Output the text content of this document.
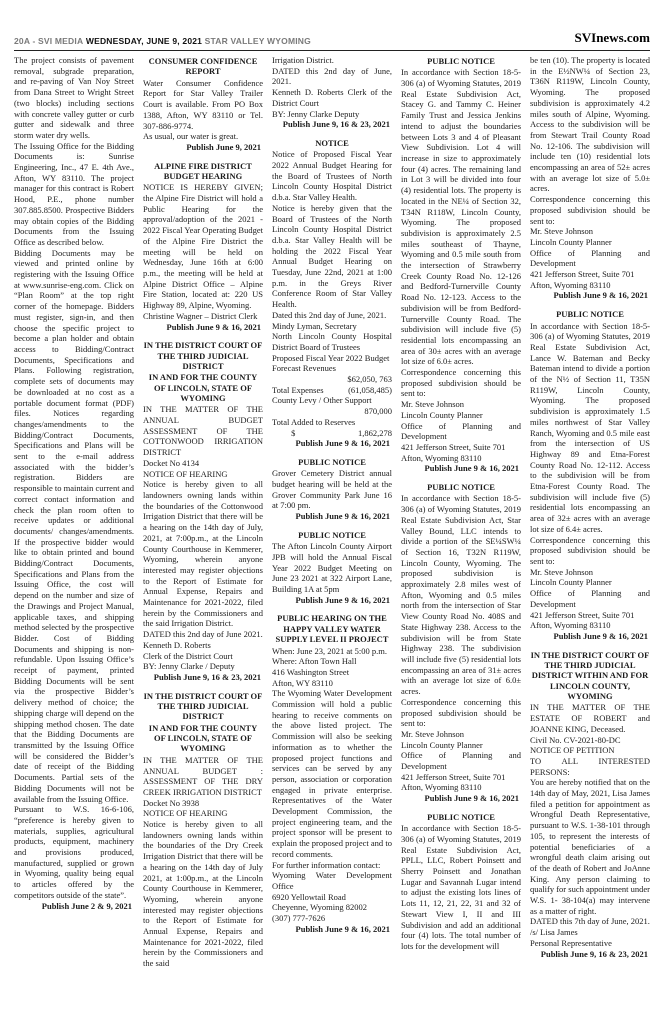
20A - SVI MEDIA WEDNESDAY, JUNE 9, 2021 STAR VALLEY WYOMING	SVInews.com
The project consists of pavement removal, subgrade preparation, and re-paving of Van Noy Street from Dana Street to Wright Street (two blocks) including sections with concrete valley gutter or curb gutter and sidewalk and three storm water dry wells.
The Issuing Office for the Bidding Documents is: Sunrise Engineering, Inc., 47 E. 4th Ave., Afton, WY 83110. The project manager for this contract is Robert Hood, P.E., phone number 307.885.8500. Prospective Bidders may obtain copies of the Bidding Documents from the Issuing Office as described below.
Bidding Documents may be viewed and printed online by registering with the Issuing Office at www.sunrise-eng.com. Click on “Plan Room” at the top right corner of the homepage. Bidders must register, sign-in, and then choose the specific project to become a plan holder and obtain access to Bidding/Contract Documents, Specifications and Plans. Following registration, complete sets of documents may be downloaded at no cost as a portable document format (PDF) files. Notices regarding changes/amendments to the Bidding/Contract Documents, Specifications and Plans will be sent to the e-mail address associated with the bidder’s registration. Bidders are responsible to maintain current and correct contact information and check the plan room often to receive updates or additional documents/ changes/amendments. If the prospective bidder would like to obtain printed and bound Bidding/Contract Documents, Specifications and Plans from the Issuing Office, the cost will depend on the number and size of the Drawings and Project Manual, applicable taxes, and shipping method selected by the prospective Bidder. Cost of Bidding Documents and shipping is non-refundable. Upon Issuing Office’s receipt of payment, printed Bidding Documents will be sent via the prospective Bidder’s delivery method of choice; the shipping charge will depend on the shipping method chosen. The date that the Bidding Documents are transmitted by the Issuing Office will be considered the Bidder’s date of receipt of the Bidding Documents. Partial sets of the Bidding Documents will not be available from the Issuing Office.
Pursuant to W.S. 16-6-106, “preference is hereby given to materials, supplies, agricultural products, equipment, machinery and provisions produced, manufactured, supplied or grown in Wyoming, quality being equal to articles offered by the competitors outside of the state”.
Publish June 2 & 9, 2021
CONSUMER CONFIDENCE REPORT
Water Consumer Confidence Report for Star Valley Trailer Court is available. From PO Box 1388, Afton, WY 83110 or Tel. 307-886-9774.
As usual, our water is great.
Publish June 9, 2021
ALPINE FIRE DISTRICT BUDGET HEARING
NOTICE IS HEREBY GIVEN; the Alpine Fire District will hold a Public Hearing for the approval/adoption of the 2021 - 2022 Fiscal Year Operating Budget of the Alpine Fire District the meeting will be held on Wednesday, June 16th at 6:00 p.m., the meeting will be held at Alpine District Office – Alpine Fire Station, located at: 220 US Highway 89, Alpine, Wyoming.
Christine Wagner – District Clerk
Publish June 9 & 16, 2021
IN THE DISTRICT COURT OF THE THIRD JUDICIAL DISTRICT
IN AND FOR THE COUNTY OF LINCOLN, STATE OF WYOMING
IN THE MATTER OF THE ANNUAL BUDGET ASSESSMENT OF THE COTTONWOOD IRRIGATION DISTRICT
Docket No 4134
NOTICE OF HEARING
Notice is hereby given to all landowners owning lands within the boundaries of the Cottonwood Irrigation District that there will be a hearing on the 14th day of July, 2021, at 7:00p.m., at the Lincoln County Courthouse in Kemmerer, Wyoming, wherein anyone interested may register objections to the Report of Estimate for Annual Expense, Repairs and Maintenance for 2021-2022, filed herein by the Commissioners and the said Irrigation District.
DATED this 2nd day of June 2021.
Kenneth D. Roberts
Clerk of the District Court
BY: Jenny Clarke / Deputy
Publish June 9, 16 & 23, 2021
IN THE DISTRICT COURT OF THE THIRD JUDICIAL DISTRICT
IN AND FOR THE COUNTY OF LINCOLN, STATE OF WYOMING
IN THE MATTER OF THE ANNUAL BUDGET : ASSESSMENT OF THE DRY CREEK IRRIGATION DISTRICT
Docket No 3938
NOTICE OF HEARING
Notice is hereby given to all landowners owning lands within the boundaries of the Dry Creek Irrigation District that there will be a hearing on the 14th day of July 2021, at 1:00p.m., at the Lincoln County Courthouse in Kemmerer, Wyoming, wherein anyone interested may register objections to the Report of Estimate for Annual Expense, Repairs and Maintenance for 2021-2022, filed herein by the Commissioners and the said
Irrigation District.
DATED this 2nd day of June, 2021.
Kenneth D. Roberts Clerk of the District Court
BY: Jenny Clarke Deputy
Publish June 9, 16 & 23, 2021
NOTICE
Notice of Proposed Fiscal Year 2022 Annual Budget Hearing for the Board of Trustees of North Lincoln County Hospital District d.b.a. Star Valley Health.
Notice is hereby given that the Board of Trustees of the North Lincoln County Hospital District d.b.a. Star Valley Health will be holding the 2022 Fiscal Year Annual Budget Hearing on Tuesday, June 22nd, 2021 at 1:00 p.m. in the Greys River Conference Room of Star Valley Health.
Dated this 2nd day of June, 2021.
Mindy Lyman, Secretary
North Lincoln County Hospital District Board of Trustees
Proposed Fiscal Year 2022 Budget
Forecast Revenues
$62,050, 763
Total Expenses	(61,058,485)
County Levy / Other Support
870,000
Total Added to Reserves
$	1,862,278
Publish June 9 & 16, 2021
PUBLIC NOTICE
Grover Cemetery District annual budget hearing will be held at the Grover Community Park June 16 at 7:00 pm.
Publish June 9 & 16, 2021
PUBLIC NOTICE
The Afton Lincoln County Airport JPB will hold the Annual Fiscal Year 2022 Budget Meeting on June 23 2021 at 322 Airport Lane, Building 1A at 5pm
Publish June 9 & 16, 2021
PUBLIC HEARING ON THE HAPPY VALLEY WATER SUPPLY LEVEL II PROJECT
When: June 23, 2021 at 5:00 p.m.
Where: Afton Town Hall
416 Washington Street
Afton, WY 83110
The Wyoming Water Development Commission will hold a public hearing to receive comments on the above listed project. The Commission will also be seeking information as to whether the proposed project functions and services can be served by any person, association or corporation engaged in private enterprise. Representatives of the Water Development Commission, the project engineering team, and the project sponsor will be present to explain the proposed project and to record comments.
For further information contact:
Wyoming Water Development Office
6920 Yellowtail Road
Cheyenne, Wyoming 82002
(307) 777-7626
Publish June 9 & 16, 2021
PUBLIC NOTICE
In accordance with Section 18-5-306 (a) of Wyoming Statutes, 2019 Real Estate Subdivision Act, Stacey G. and Tammy C. Heiner Family Trust and Jessica Jenkins intend to adjust the boundaries between Lots 3 and 4 of Pleasant View Subdivision. Lot 4 will increase in size to approximately four (4) acres. The remaining land in Lot 3 will be divided into four (4) residential lots. The property is located in the NE¼ of Section 32, T34N R118W, Lincoln County, Wyoming. The proposed subdivision is approximately 2.5 miles southeast of Thayne, Wyoming and 0.5 mile south from the intersection of Strawberry Creek County Road No. 12-126 and Bedford-Turnerville County Road No. 12-123. Access to the subdivision will be from Bedford-Turnerville County Road. The subdivision will include five (5) residential lots encompassing an area of 30± acres with an average lot size of 6.0± acres.
Correspondence concerning this proposed subdivision should be sent to:
Mr. Steve Johnson
Lincoln County Planner
Office of Planning and Development
421 Jefferson Street, Suite 701
Afton, Wyoming 83110
Publish June 9 & 16, 2021
PUBLIC NOTICE
In accordance with Section 18-5-306 (a) of Wyoming Statutes, 2019 Real Estate Subdivision Act, Star Valley Bound, LLC intends to divide a portion of the SE¼SW¼ of Section 16, T32N R119W, Lincoln County, Wyoming. The proposed subdivision is approximately 2.8 miles west of Afton, Wyoming and 0.5 miles north from the intersection of Star View County Road No. 408S and State Highway 238. Access to the subdivision will be from State Highway 238. The subdivision will include five (5) residential lots encompassing an area of 31± acres with an average lot size of 6.0± acres.
Correspondence concerning this proposed subdivision should be sent to:
Mr. Steve Johnson
Lincoln County Planner
Office of Planning and Development
421 Jefferson Street, Suite 701
Afton, Wyoming 83110
Publish June 9 & 16, 2021
PUBLIC NOTICE
In accordance with Section 18-5-306 (a) of Wyoming Statutes, 2019 Real Estate Subdivision Act, PPLL, LLC, Robert Poinsett and Sherry Poinsett and Jonathan Lugar and Savannah Lugar intend to adjust the existing lots lines of Lots 11, 12, 21, 22, 31 and 32 of Stewart View I, II and III Subdivision and add an additional four (4) lots. The total number of lots for the development will
be ten (10). The property is located in the E½NW¼ of Section 23, T36N R119W, Lincoln County, Wyoming. The proposed subdivision is approximately 4.2 miles south of Alpine, Wyoming. Access to the subdivision will be from Stewart Trail County Road No. 12-106. The subdivision will include ten (10) residential lots encompassing an area of 52± acres with an average lot size of 5.0± acres.
Correspondence concerning this proposed subdivision should be sent to:
Mr. Steve Johnson
Lincoln County Planner
Office of Planning and Development
421 Jefferson Street, Suite 701
Afton, Wyoming 83110
Publish June 9 & 16, 2021
PUBLIC NOTICE
In accordance with Section 18-5-306 (a) of Wyoming Statutes, 2019 Real Estate Subdivision Act, Lance W. Bateman and Becky Bateman intend to divide a portion of the N½ of Section 11, T35N R119W, Lincoln County, Wyoming. The proposed subdivision is approximately 1.5 miles northwest of Star Valley Ranch, Wyoming and 0.5 mile east from the intersection of US Highway 89 and Etna-Forest County Road No. 12-112. Access to the subdivision will be from Etna-Forest County Road. The subdivision will include five (5) residential lots encompassing an area of 32± acres with an average lot size of 6.4± acres.
Correspondence concerning this proposed subdivision should be sent to:
Mr. Steve Johnson
Lincoln County Planner
Office of Planning and Development
421 Jefferson Street, Suite 701
Afton, Wyoming 83110
Publish June 9 & 16, 2021
IN THE DISTRICT COURT OF THE THIRD JUDICIAL DISTRICT WITHIN AND FOR LINCOLN COUNTY, WYOMING
IN THE MATTER OF THE ESTATE OF ROBERT and JOANNE KING, Deceased.
Civil No. CV-2021-80-DC
NOTICE OF PETITION
TO ALL INTERESTED PERSONS:
You are hereby notified that on the 14th day of May, 2021, Lisa James filed a petition for appointment as Wrongful Death Representative, pursuant to W.S. 1-38-101 through 105, to represent the interests of potential beneficiaries of a wrongful death claim arising out of the death of Robert and JoAnne King. Any person claiming to qualify for such appointment under W.S. 1- 38-104(a) may intervene as a matter of right.
DATED this 7th day of June, 2021.
/s/ Lisa James
Personal Representative
Publish June 9, 16 & 23, 2021
